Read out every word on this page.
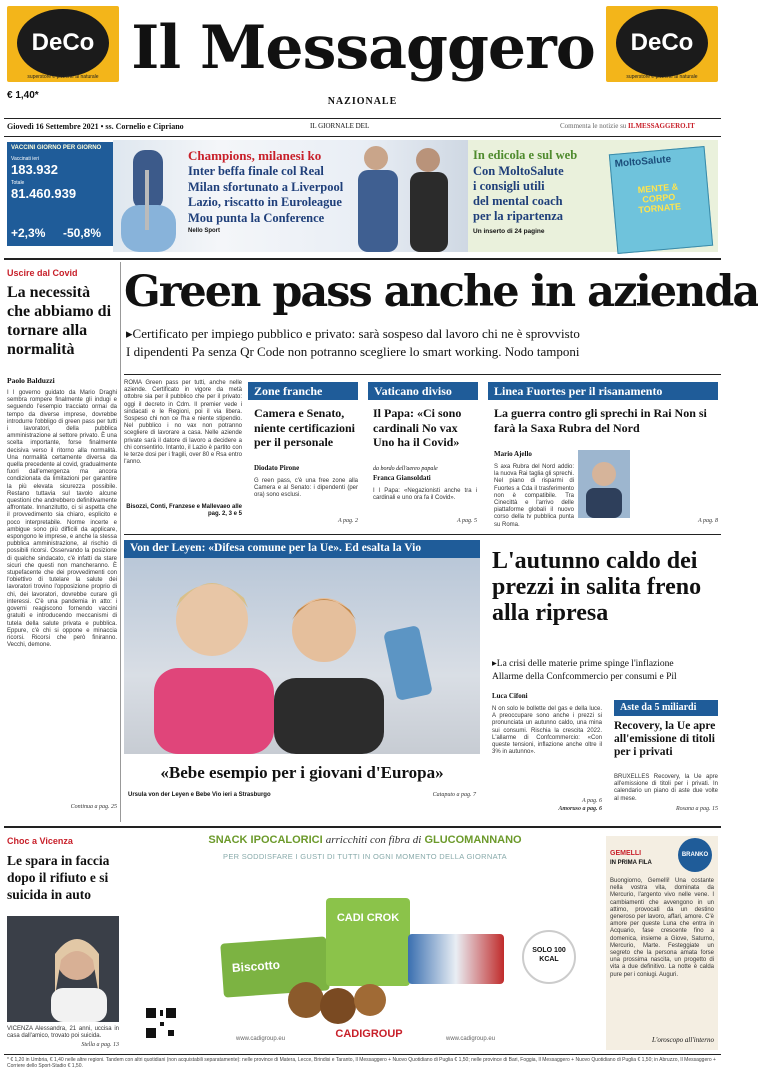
DeCo
superstore e pizzerie al naturale
DeCo
superstore e pizzerie al naturale
Il Messaggero
€ 1,40*
NAZIONALE
Giovedì 16 Settembre 2021 • ss. Cornelio e Cipriano	IL GIORNALE DEL	Commenta le notizie su ILMESSAGGERO.IT
VACCINI GIORNO PER GIORNO
Vaccinati ieri
183.932
Totale
81.460.939
+2,3% -50,8%
Champions, milanesi ko
Inter beffa finale col Real
Milan sfortunato a Liverpool
Lazio, riscatto in Euroleague
Mou punta la Conference
Nello Sport
In edicola e sul web
Con MoltoSalute
i consigli utili
del mental coach
per la ripartenza
Un inserto di 24 pagine
MoltoSalute
MENTE & CORPO TORNATE
Uscire dal Covid
La necessità che abbiamo di tornare alla normalità
Paolo Balduzzi
I l governo guidato da Mario Draghi sembra rompere finalmente gli indugi e seguendo l'esempio tracciato ormai da tempo da diverse imprese, dovrebbe introdurre l'obbligo di green pass per tutti i lavoratori, della pubblica amministrazione al settore privato. È una scelta importante, forse finalmente decisiva verso il ritorno alla normalità. Una normalità certamente diversa da quella precedente al covid, gradualmente fuori dall'emergenza ma ancora condizionata da limitazioni per garantire la più elevata sicurezza possibile. Restano tuttavia sul tavolo alcune questioni che andrebbero definitivamente affrontate. Innanzitutto, ci si aspetta che il provvedimento sia chiaro, esplicito e poco interpretabile. Norme incerte e ambigue sono più difficili da applicare, espongono le imprese, e anche la stessa pubblica amministrazione, al rischio di possibili ricorsi. Osservando la posizione di qualche sindacato, c'è infatti da stare sicuri che questi non mancheranno. È stupefacente che dei provvedimenti con l'obiettivo di tutelare la salute dei lavoratori trovino l'opposizione proprio di chi, dei lavoratori, dovrebbe curare gli interessi. C'è una pandemia in atto: i governi reagiscono fornendo vaccini gratuiti e introducendo meccanismi di tutela della salute privata e pubblica. Eppure, c'è chi si oppone e minaccia ricorsi. Ricorsi che però finiranno. Vecchi, demone.
Continua a pag. 25
Green pass anche in azienda
▸Certificato per impiego pubblico e privato: sarà sospeso dal lavoro chi ne è sprovvisto
I dipendenti Pa senza Qr Code non potranno scegliere lo smart working. Nodo tamponi
ROMA Green pass per tutti, anche nelle aziende. Certificato in vigore da metà ottobre sia per il pubblico che per il privato: oggi il decreto in Cdm. Il premier vede i sindacati e le Regioni, poi il via libera. Sospeso chi non ce l'ha e niente stipendio. Nel pubblico i no vax non potranno scegliere di lavorare a casa. Nelle aziende private sarà il datore di lavoro a decidere a chi consentirlo. Intanto, il Lazio è partito con le terze dosi per i fragili, over 80 e Rsa entro l'anno.
Bisozzi, Conti, Franzese e Mallevaeo alle pag. 2, 3 e 5
Zone franche
Camera e Senato, niente certificazioni per il personale
Diodato Pirone
G reen pass, c'è una free zone alla Camera e al Senato: i dipendenti (per ora) sono esclusi.
A pag. 2
Vaticano diviso
Il Papa: «Ci sono cardinali No vax Uno ha il Covid»
da bordo dell'aereo papale
Franca Giansoldati
I l Papa: «Negazionisti anche tra i cardinali e uno ora fa il Covid».
A pag. 5
Linea Fuortes per il risanamento
La guerra contro gli sprechi in Rai Non si farà la Saxa Rubra del Nord
Mario Ajello
S axa Rubra del Nord addio: la nuova Rai taglia gli sprechi. Nel piano di risparmi di Fuortes a Cda il trasferimento non è compatibile. Tra Cinecittà e l'arrivo delle piattaforme globali il nuovo corso della tv pubblica punta su Roma.
A pag. 8
Von der Leyen: «Difesa comune per la Ue». Ed esalta la Vio
«Bebe esempio per i giovani d'Europa»
Ursula von der Leyen e Bebe Vio ieri a Strasburgo	Cataputo a pag. 7
L'autunno caldo dei prezzi in salita freno alla ripresa
▸La crisi delle materie prime spinge l'inflazione
Allarme della Confcommercio per consumi e Pil
Luca Cifoni
N on solo le bollette del gas e della luce. A preoccupare sono anche i prezzi si pronunciata un autunno caldo, una mina sui consumi. Rischia la crescita 2022. L'allarme di Confcommercio: «Con queste tensioni, inflazione anche oltre il 3% in autunno».
A pag. 6
Amoruso a pag. 6
Aste da 5 miliardi
Recovery, la Ue apre all'emissione di titoli per i privati
BRUXELLES Recovery, la Ue apre all'emissione di titoli per i privati. In calendario un piano di aste due volte al mese.
Rosana a pag. 15
Choc a Vicenza
Le spara in faccia dopo il rifiuto e si suicida in auto
VICENZA Alessandra, 21 anni, uccisa in casa dall'amico, trovato poi suicida.
Stella a pag. 13
SNACK IPOCALORICI arricchiti con fibra di GLUCOMANNANO
PER SODDISFARE I GUSTI DI TUTTI IN OGNI MOMENTO DELLA GIORNATA
Biscotto
CADI CROK
SOLO 100 KCAL
www.cadigroup.eu	CADIGROUP	www.cadigroup.eu
GEMELLI
IN PRIMA FILA
BRANKO
Buongiorno, Gemelli! Una costante nella vostra vita, dominata da Mercurio, l'argento vivo nelle vene. I cambiamenti che avvengono in un attimo, provocati da un destino generoso per lavoro, affari, amore. C'è amore per queste Luna che entra in Acquario, fase crescente fino a domenica, insieme a Giove, Saturno, Mercurio, Marte. Festeggiate un segreto che la persona amata forse una prossima nascita, un progetto di vita a due definitivo. La notte è calda pure per i coniugi. Auguri.
L'oroscopo all'interno
* € 1,20 in Umbria, € 1,40 nelle altre regioni. Tandem con altri quotidiani (non acquistabili separatamente): nelle province di Matera, Lecce, Brindisi e Taranto, Il Messaggero + Nuovo Quotidiano di Puglia € 1,50; nelle province di Bari, Foggia, Il Messaggero + Nuovo Quotidiano di Puglia € 1,50; in Abruzzo, Il Messaggero + Corriere dello Sport-Stadio € 1,50.
